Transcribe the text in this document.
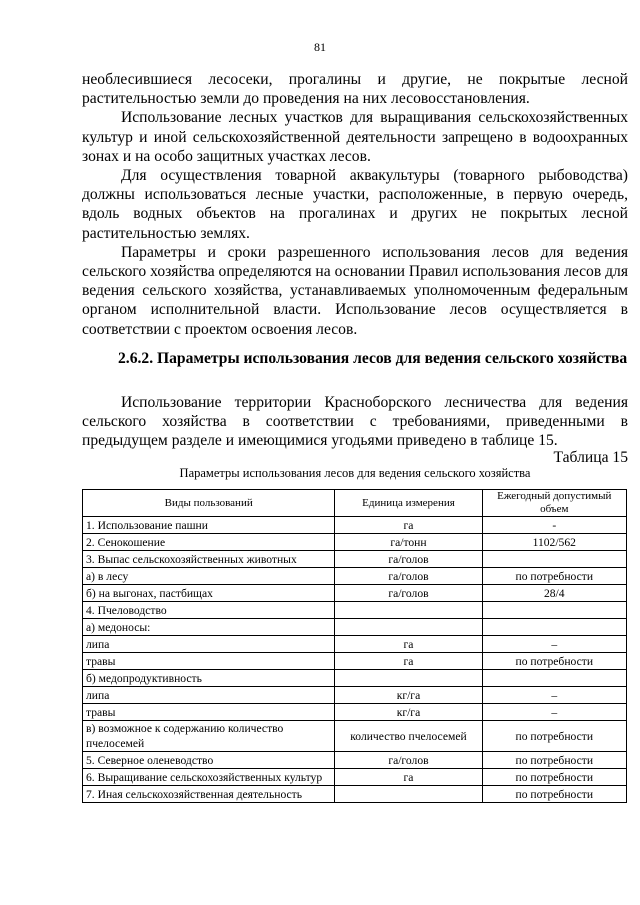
81

необлесившиеся лесосеки, прогалины и другие, не покрытые лесной растительностью земли до проведения на них лесовосстановления.

Использование лесных участков для выращивания сельскохозяйственных культур и иной сельскохозяйственной деятельности запрещено в водоохранных зонах и на особо защитных участках лесов.

Для осуществления товарной аквакультуры (товарного рыбоводства) должны использоваться лесные участки, расположенные, в первую очередь, вдоль водных объектов на прогалинах и других не покрытых лесной растительностью землях.

Параметры и сроки разрешенного использования лесов для ведения сельского хозяйства определяются на основании Правил использования лесов для ведения сельского хозяйства, устанавливаемых уполномоченным федеральным органом исполнительной власти. Использование лесов осуществляется в соответствии с проектом освоения лесов.

2.6.2. Параметры использования лесов для ведения сельского хозяйства

Использование территории Красноборского лесничества для ведения сельского хозяйства в соответствии с требованиями, приведенными в предыдущем разделе и имеющимися угодьями приведено в таблице 15.

Таблица 15
Параметры использования лесов для ведения сельского хозяйства
Виды пользований	Единица измерения	Ежегодный допустимый объем
1. Использование пашни	га	-
2. Сенокошение	га/тонн	1102/562
3. Выпас сельскохозяйственных животных	га/голов	
а) в лесу	га/голов	по потребности
б) на выгонах, пастбищах	га/голов	28/4
4. Пчеловодство		
а) медоносы:		
липа	га	–
травы	га	по потребности
б) медопродуктивность		
липа	кг/га	–
травы	кг/га	–
в) возможное к содержанию количество пчелосемей	количество пчелосемей	по потребности
5. Северное оленеводство	га/голов	по потребности
6. Выращивание сельскохозяйственных культур	га	по потребности
7. Иная сельскохозяйственная деятельность		по потребности
